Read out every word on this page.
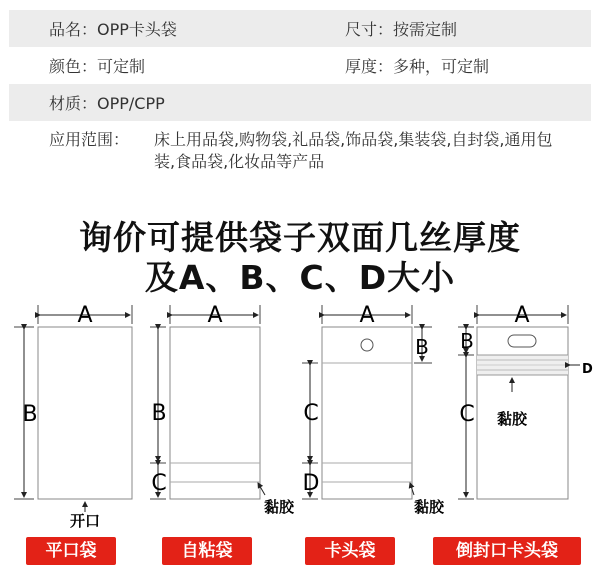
品名：OPP卡头袋	尺寸：按需定制
颜色：可定制	厚度：多种，可定制
材质：OPP/CPP
应用范围：	床上用品袋,购物袋,礼品袋,饰品袋,集装袋,自封袋,通用包装,食品袋,化妆品等产品
询价可提供袋子双面几丝厚度
及A、B、C、D大小
A
B
开口
A
B
C
黏胶
A
B
C
D
黏胶
A
B
C
D
黏胶
平口袋	自粘袋	卡头袋	倒封口卡头袋
